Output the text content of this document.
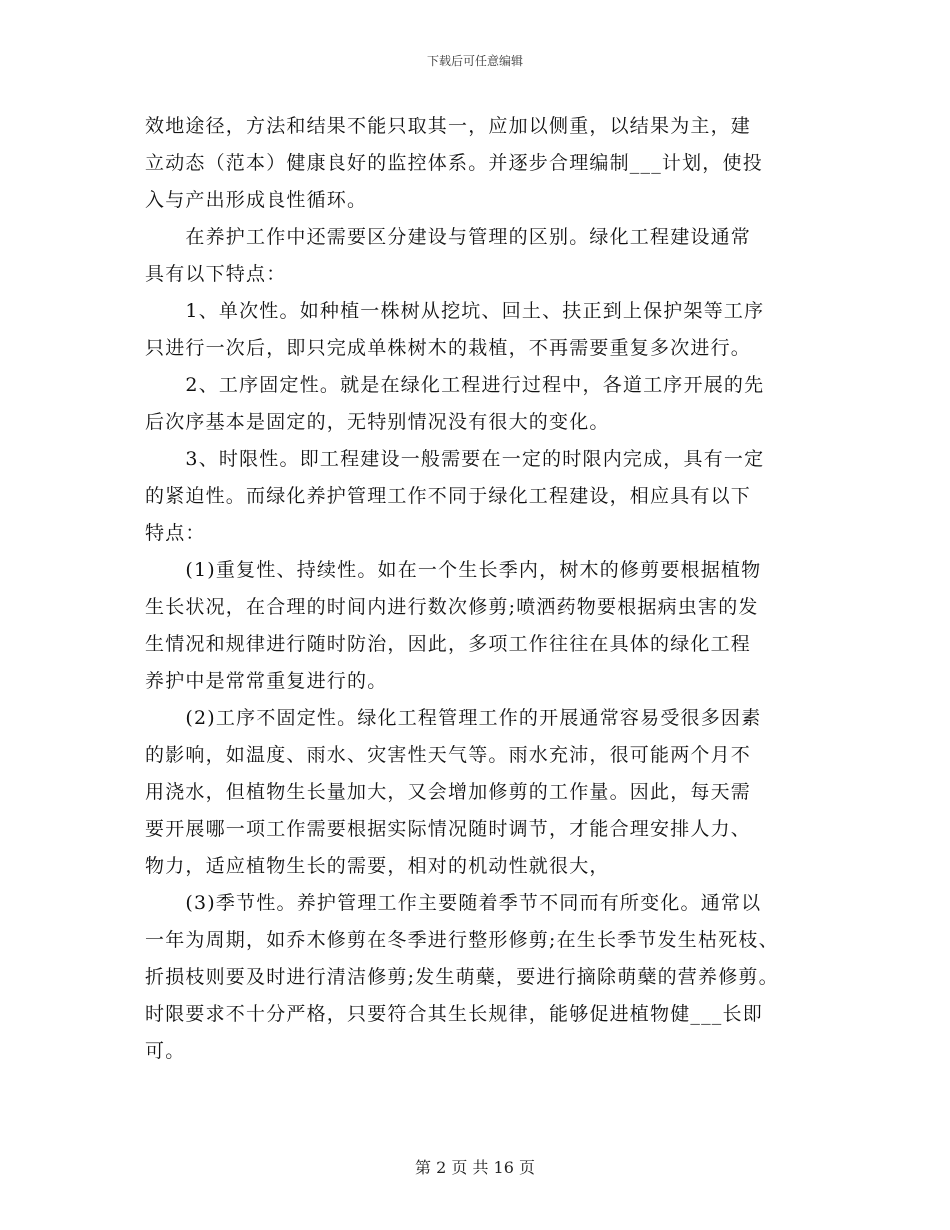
下载后可任意编辑
效地途径，方法和结果不能只取其一，应加以侧重，以结果为主，建
立动态（范本）健康良好的监控体系。并逐步合理编制___计划，使投
入与产出形成良性循环。
　　在养护工作中还需要区分建设与管理的区别。绿化工程建设通常
具有以下特点：
　　1、单次性。如种植一株树从挖坑、回土、扶正到上保护架等工序
只进行一次后，即只完成单株树木的栽植，不再需要重复多次进行。
　　2、工序固定性。就是在绿化工程进行过程中，各道工序开展的先
后次序基本是固定的，无特别情况没有很大的变化。
　　3、时限性。即工程建设一般需要在一定的时限内完成，具有一定
的紧迫性。而绿化养护管理工作不同于绿化工程建设，相应具有以下
特点：
　　(1)重复性、持续性。如在一个生长季内，树木的修剪要根据植物
生长状况，在合理的时间内进行数次修剪;喷洒药物要根据病虫害的发
生情况和规律进行随时防治，因此，多项工作往往在具体的绿化工程
养护中是常常重复进行的。
　　(2)工序不固定性。绿化工程管理工作的开展通常容易受很多因素
的影响，如温度、雨水、灾害性天气等。雨水充沛，很可能两个月不
用浇水，但植物生长量加大，又会增加修剪的工作量。因此，每天需
要开展哪一项工作需要根据实际情况随时调节，才能合理安排人力、
物力，适应植物生长的需要，相对的机动性就很大，
　　(3)季节性。养护管理工作主要随着季节不同而有所变化。通常以
一年为周期，如乔木修剪在冬季进行整形修剪;在生长季节发生枯死枝、
折损枝则要及时进行清洁修剪;发生萌蘖，要进行摘除萌蘖的营养修剪。
时限要求不十分严格，只要符合其生长规律，能够促进植物健___长即
可。
第 2 页 共 16 页
